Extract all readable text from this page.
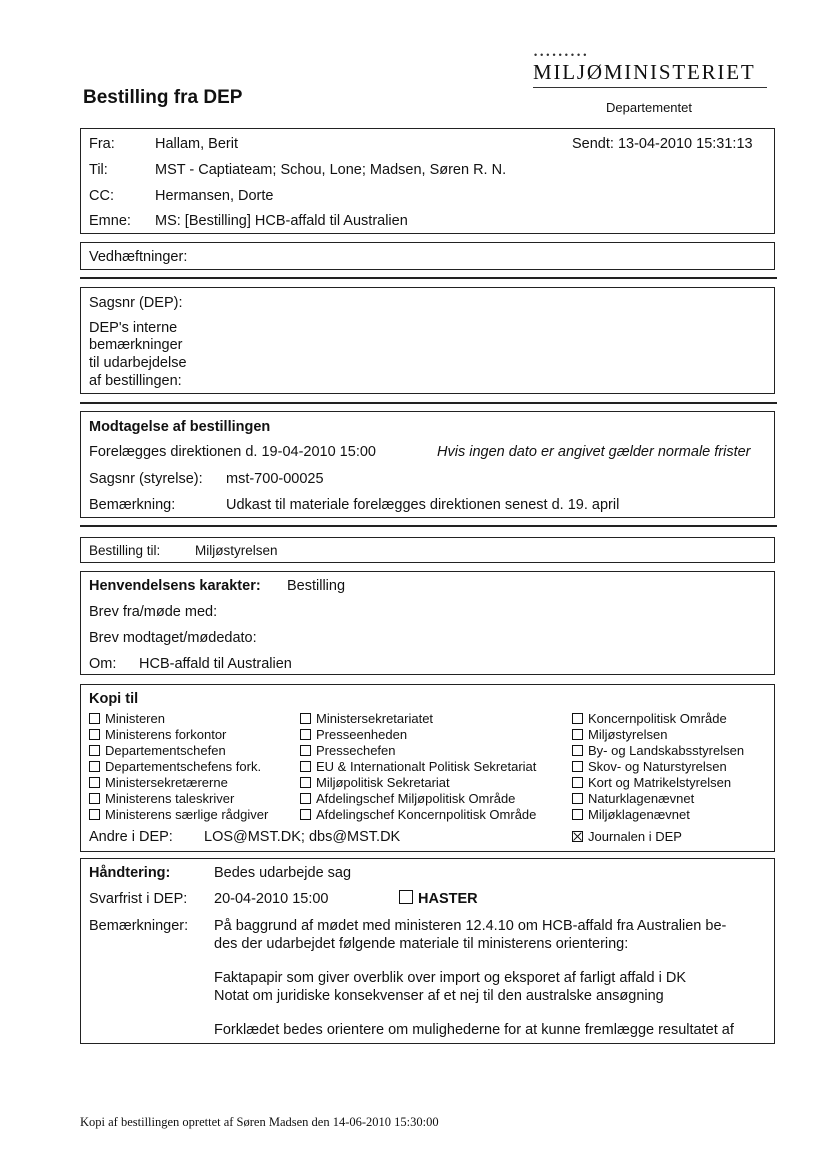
•••••••••
MILJØMINISTERIET
Bestilling fra DEP	Departementet
Fra:	Hallam, Berit	Sendt: 13-04-2010 15:31:13
Til:	MST - Captiateam; Schou, Lone; Madsen, Søren R. N.
CC:	Hermansen, Dorte
Emne: MS: [Bestilling] HCB-affald til Australien
Vedhæftninger:
Sagsnr (DEP):
DEP's interne
bemærkninger
til udarbejdelse
af bestillingen:
Modtagelse af bestillingen
Forelægges direktionen d. 19-04-2010 15:00	Hvis ingen dato er angivet gælder normale frister
Sagsnr (styrelse): mst-700-00025
Bemærkning:	Udkast til materiale forelægges direktionen senest d. 19. april
Bestilling til:	Miljøstyrelsen
Henvendelsens karakter: Bestilling
Brev fra/møde med:
Brev modtaget/mødedato:
Om: HCB-affald til Australien
Kopi til
Ministeren
Ministerens forkontor
Departementschefen
Departementschefens fork.
Ministersekretærerne
Ministerens taleskriver
Ministerens særlige rådgiver
Ministersekretariatet
Presseenheden
Pressechefen
EU & Internationalt Politisk Sekretariat
Miljøpolitisk Sekretariat
Afdelingschef Miljøpolitisk Område
Afdelingschef Koncernpolitisk Område
Koncernpolitisk Område
Miljøstyrelsen
By- og Landskabsstyrelsen
Skov- og Naturstyrelsen
Kort og Matrikelstyrelsen
Naturklagenævnet
Miljøklagenævnet
Andre i DEP: LOS@MST.DK; dbs@MST.DK	Journalen i DEP
Håndtering:	Bedes udarbejde sag
Svarfrist i DEP: 20-04-2010 15:00	HASTER
Bemærkninger: På baggrund af mødet med ministeren 12.4.10 om HCB-affald fra Australien be-
des der udarbejdet følgende materiale til ministerens orientering:
Faktapapir som giver overblik over import og eksporet af farligt affald i DK
Notat om juridiske konsekvenser af et nej til den australske ansøgning
Forklædet bedes orientere om mulighederne for at kunne fremlægge resultatet af
Kopi af bestillingen oprettet af Søren Madsen den 14-06-2010 15:30:00
